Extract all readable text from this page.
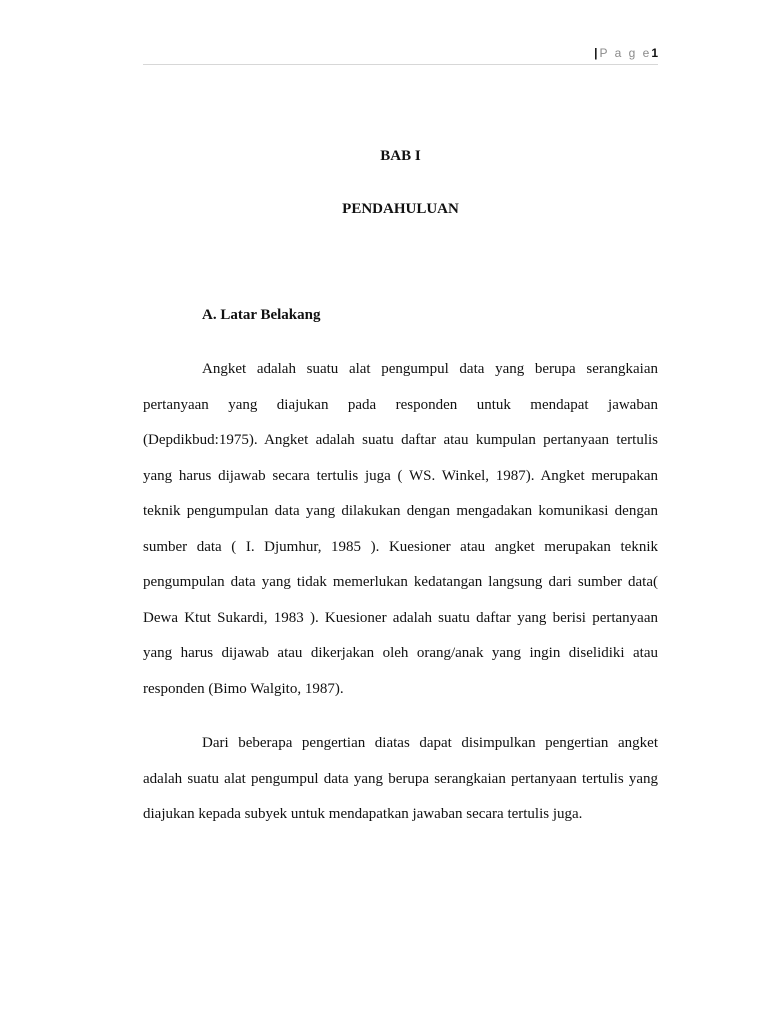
| P a g e1
BAB I
PENDAHULUAN
A. Latar Belakang

Angket adalah suatu alat pengumpul data yang berupa serangkaian pertanyaan yang diajukan pada responden untuk mendapat jawaban (Depdikbud:1975). Angket adalah suatu daftar atau kumpulan pertanyaan tertulis yang harus dijawab secara tertulis juga ( WS. Winkel, 1987). Angket merupakan teknik pengumpulan data yang dilakukan dengan mengadakan komunikasi dengan sumber data ( I. Djumhur, 1985 ). Kuesioner atau angket merupakan teknik pengumpulan data yang tidak memerlukan kedatangan langsung dari sumber data( Dewa Ktut Sukardi, 1983 ). Kuesioner adalah suatu daftar yang berisi pertanyaan yang harus dijawab atau dikerjakan oleh orang/anak yang ingin diselidiki atau responden (Bimo Walgito, 1987).

Dari beberapa pengertian diatas dapat disimpulkan pengertian angket adalah suatu alat pengumpul data yang berupa serangkaian pertanyaan tertulis yang diajukan kepada subyek untuk mendapatkan jawaban secara tertulis juga.
